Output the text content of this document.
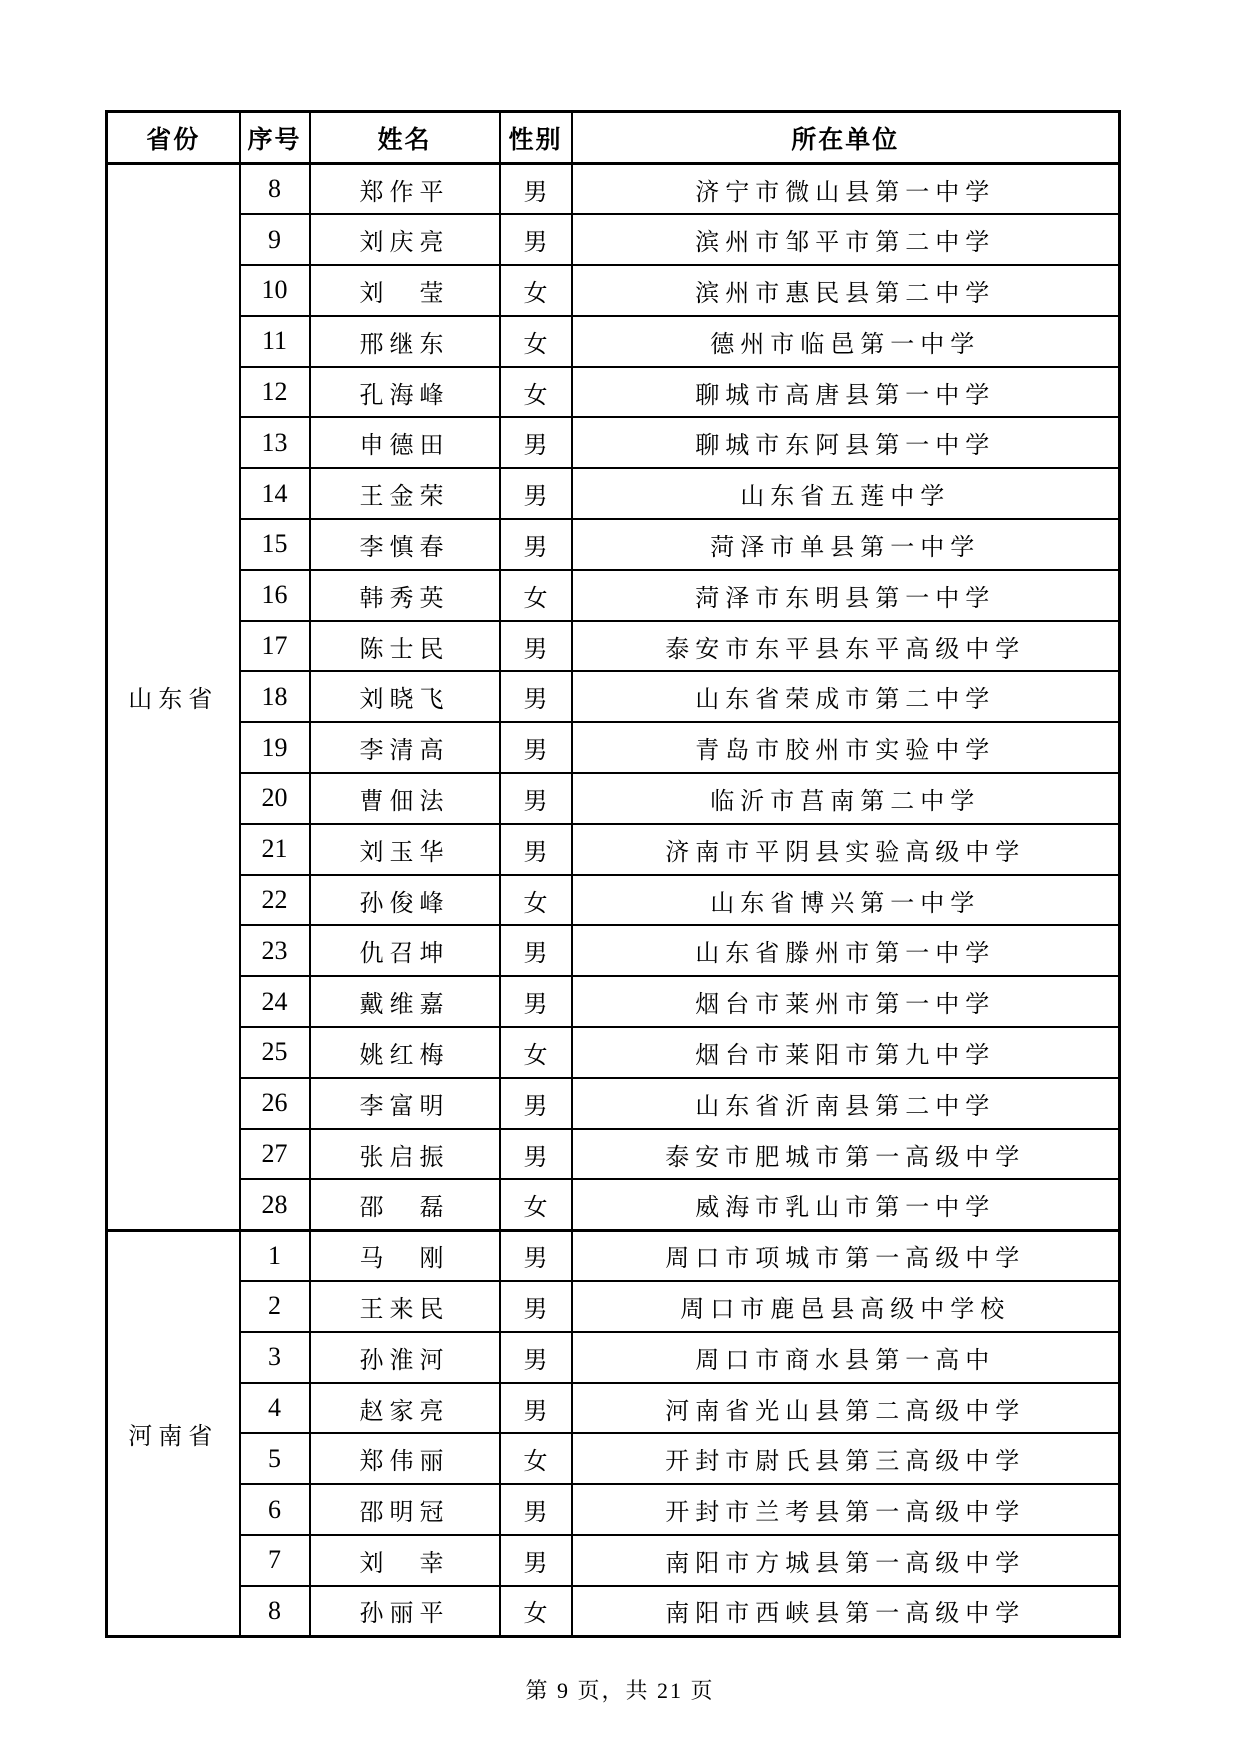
省份	序号	姓名	性别	所在单位
山东省	8	郑作平	男	济宁市微山县第一中学
	9	刘庆亮	男	滨州市邹平市第二中学
	10	刘　莹	女	滨州市惠民县第二中学
	11	邢继东	女	德州市临邑第一中学
	12	孔海峰	女	聊城市高唐县第一中学
	13	申德田	男	聊城市东阿县第一中学
	14	王金荣	男	山东省五莲中学
	15	李慎春	男	菏泽市单县第一中学
	16	韩秀英	女	菏泽市东明县第一中学
	17	陈士民	男	泰安市东平县东平高级中学
	18	刘晓飞	男	山东省荣成市第二中学
	19	李清高	男	青岛市胶州市实验中学
	20	曹佃法	男	临沂市莒南第二中学
	21	刘玉华	男	济南市平阴县实验高级中学
	22	孙俊峰	女	山东省博兴第一中学
	23	仇召坤	男	山东省滕州市第一中学
	24	戴维嘉	男	烟台市莱州市第一中学
	25	姚红梅	女	烟台市莱阳市第九中学
	26	李富明	男	山东省沂南县第二中学
	27	张启振	男	泰安市肥城市第一高级中学
	28	邵　磊	女	威海市乳山市第一中学
河南省	1	马　刚	男	周口市项城市第一高级中学
	2	王来民	男	周口市鹿邑县高级中学校
	3	孙淮河	男	周口市商水县第一高中
	4	赵家亮	男	河南省光山县第二高级中学
	5	郑伟丽	女	开封市尉氏县第三高级中学
	6	邵明冠	男	开封市兰考县第一高级中学
	7	刘　幸	男	南阳市方城县第一高级中学
	8	孙丽平	女	南阳市西峡县第一高级中学
第 9 页，共 21 页
